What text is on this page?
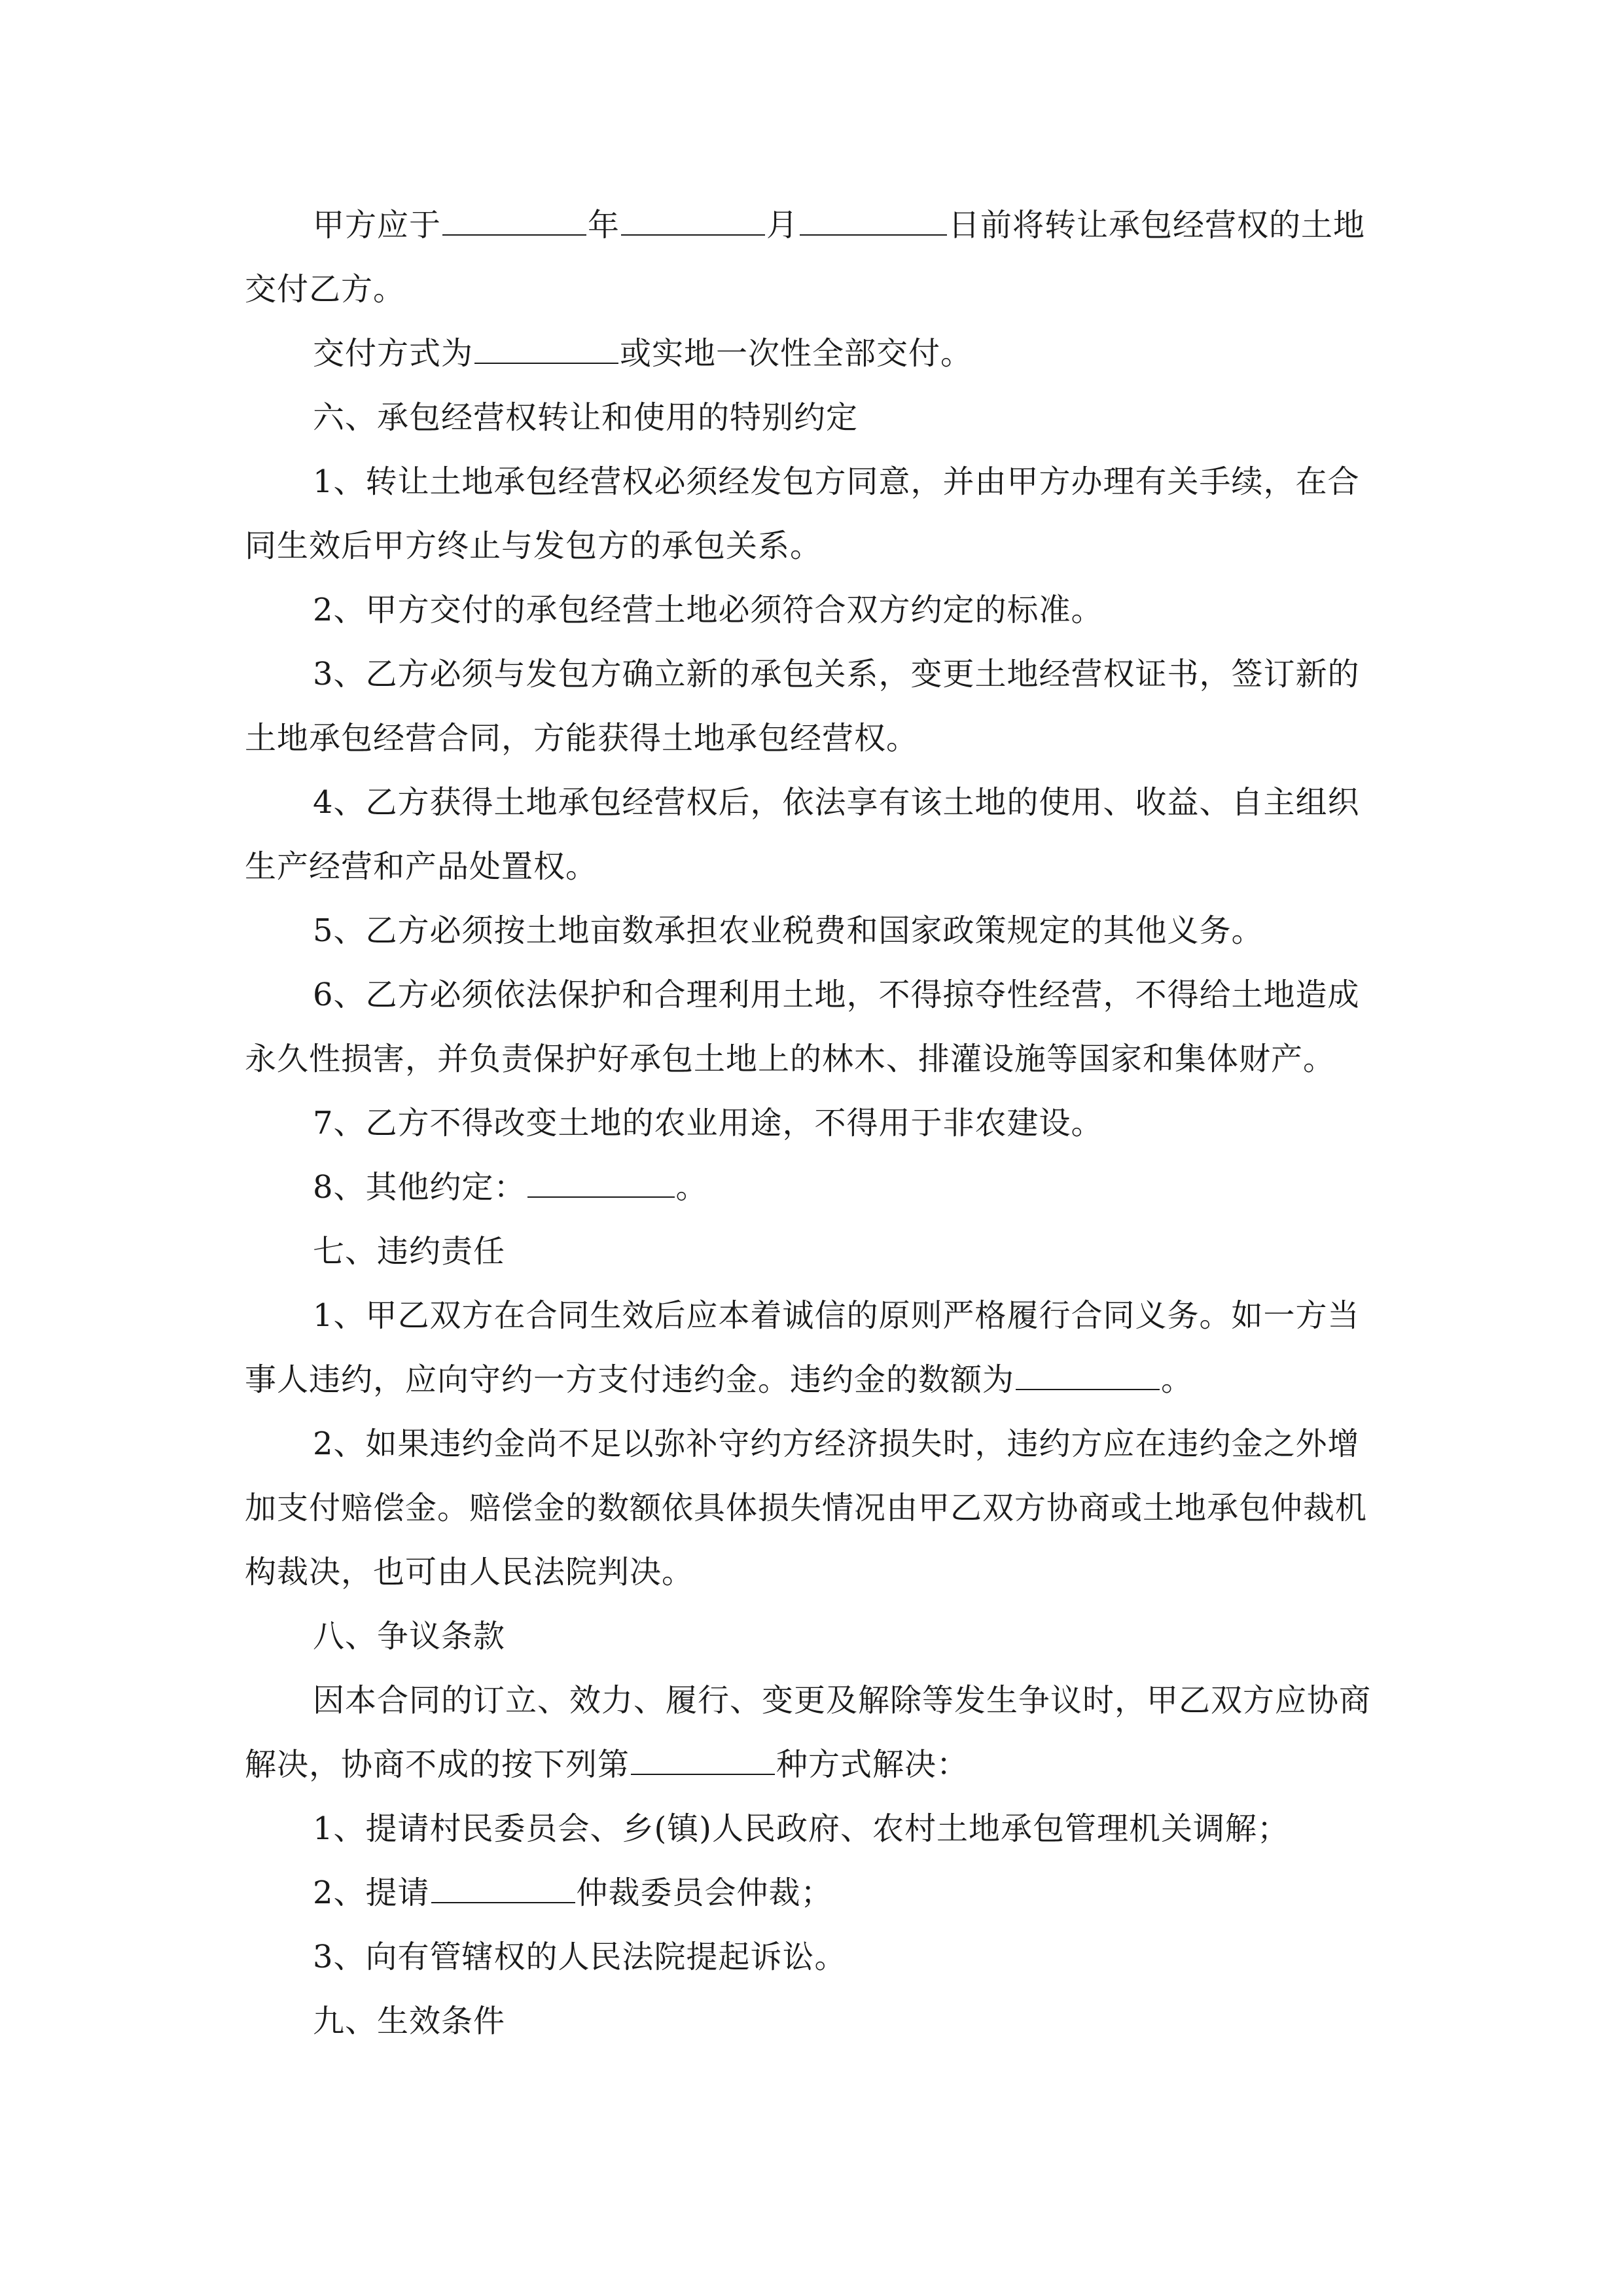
甲方应于	年	月	日前将转让承包经营权的土地
交付乙方。
交付方式为	或实地一次性全部交付。
六、承包经营权转让和使用的特别约定
1、转让土地承包经营权必须经发包方同意，并由甲方办理有关手续，在合
同生效后甲方终止与发包方的承包关系。
2、甲方交付的承包经营土地必须符合双方约定的标准。
3、乙方必须与发包方确立新的承包关系，变更土地经营权证书，签订新的
土地承包经营合同，方能获得土地承包经营权。
4、乙方获得土地承包经营权后，依法享有该土地的使用、收益、自主组织
生产经营和产品处置权。
5、乙方必须按土地亩数承担农业税费和国家政策规定的其他义务。
6、乙方必须依法保护和合理利用土地，不得掠夺性经营，不得给土地造成
永久性损害，并负责保护好承包土地上的林木、排灌设施等国家和集体财产。
7、乙方不得改变土地的农业用途，不得用于非农建设。
8、其他约定：	。
七、违约责任
1、甲乙双方在合同生效后应本着诚信的原则严格履行合同义务。如一方当
事人违约，应向守约一方支付违约金。违约金的数额为	。
2、如果违约金尚不足以弥补守约方经济损失时，违约方应在违约金之外增
加支付赔偿金。赔偿金的数额依具体损失情况由甲乙双方协商或土地承包仲裁机
构裁决，也可由人民法院判决。
八、争议条款
因本合同的订立、效力、履行、变更及解除等发生争议时，甲乙双方应协商
解决，协商不成的按下列第	种方式解决：
1、提请村民委员会、乡(镇)人民政府、农村土地承包管理机关调解；
2、提请	仲裁委员会仲裁；
3、向有管辖权的人民法院提起诉讼。
九、生效条件
